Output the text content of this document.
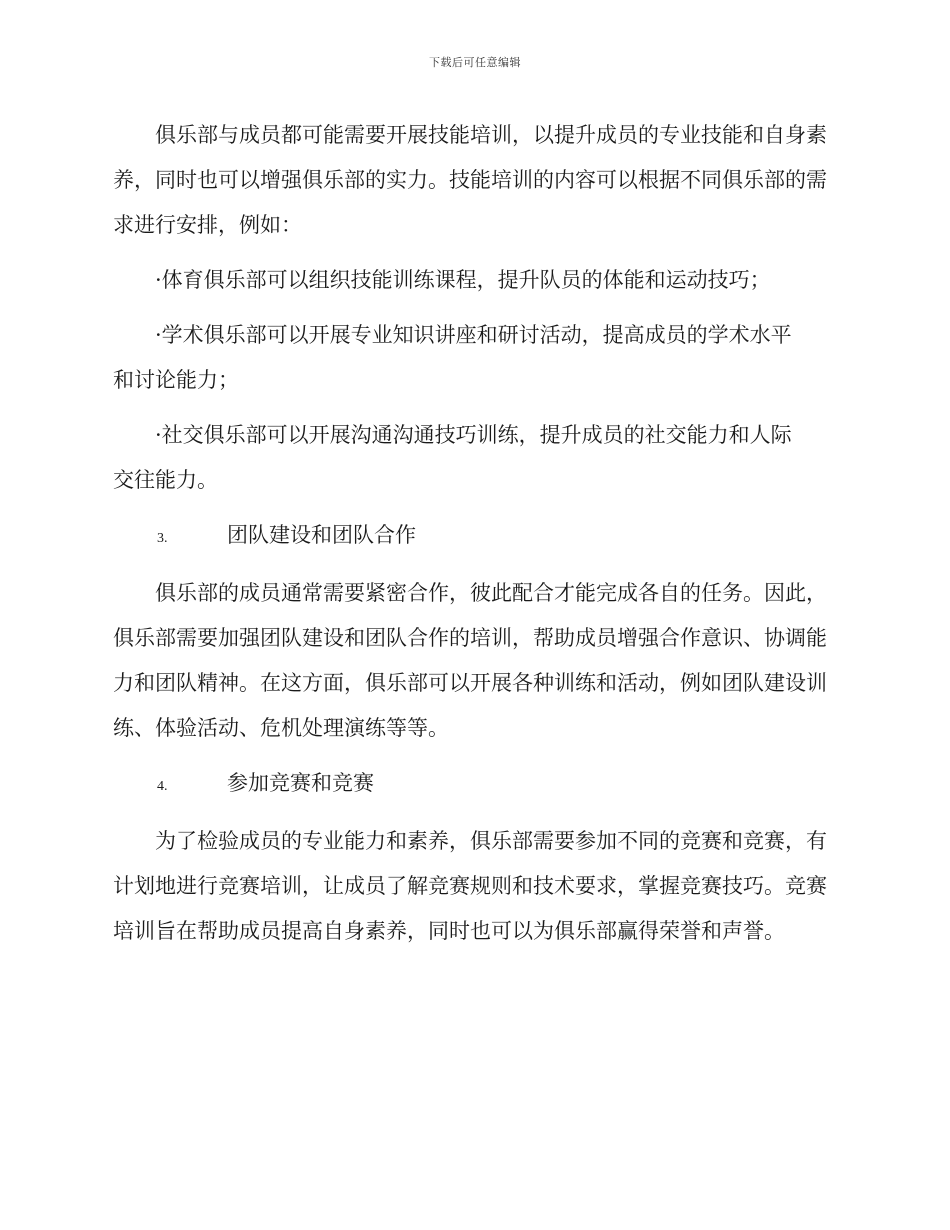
下载后可任意编辑

俱乐部与成员都可能需要开展技能培训，以提升成员的专业技能和自身素养，同时也可以增强俱乐部的实力。技能培训的内容可以根据不同俱乐部的需求进行安排，例如：

·体育俱乐部可以组织技能训练课程，提升队员的体能和运动技巧；

·学术俱乐部可以开展专业知识讲座和研讨活动，提高成员的学术水平
和讨论能力；

·社交俱乐部可以开展沟通沟通技巧训练，提升成员的社交能力和人际
交往能力。

3.	团队建设和团队合作

俱乐部的成员通常需要紧密合作，彼此配合才能完成各自的任务。因此，俱乐部需要加强团队建设和团队合作的培训，帮助成员增强合作意识、协调能力和团队精神。在这方面，俱乐部可以开展各种训练和活动，例如团队建设训练、体验活动、危机处理演练等等。

4.	参加竞赛和竞赛

为了检验成员的专业能力和素养，俱乐部需要参加不同的竞赛和竞赛，有计划地进行竞赛培训，让成员了解竞赛规则和技术要求，掌握竞赛技巧。竞赛培训旨在帮助成员提高自身素养，同时也可以为俱乐部赢得荣誉和声誉。
